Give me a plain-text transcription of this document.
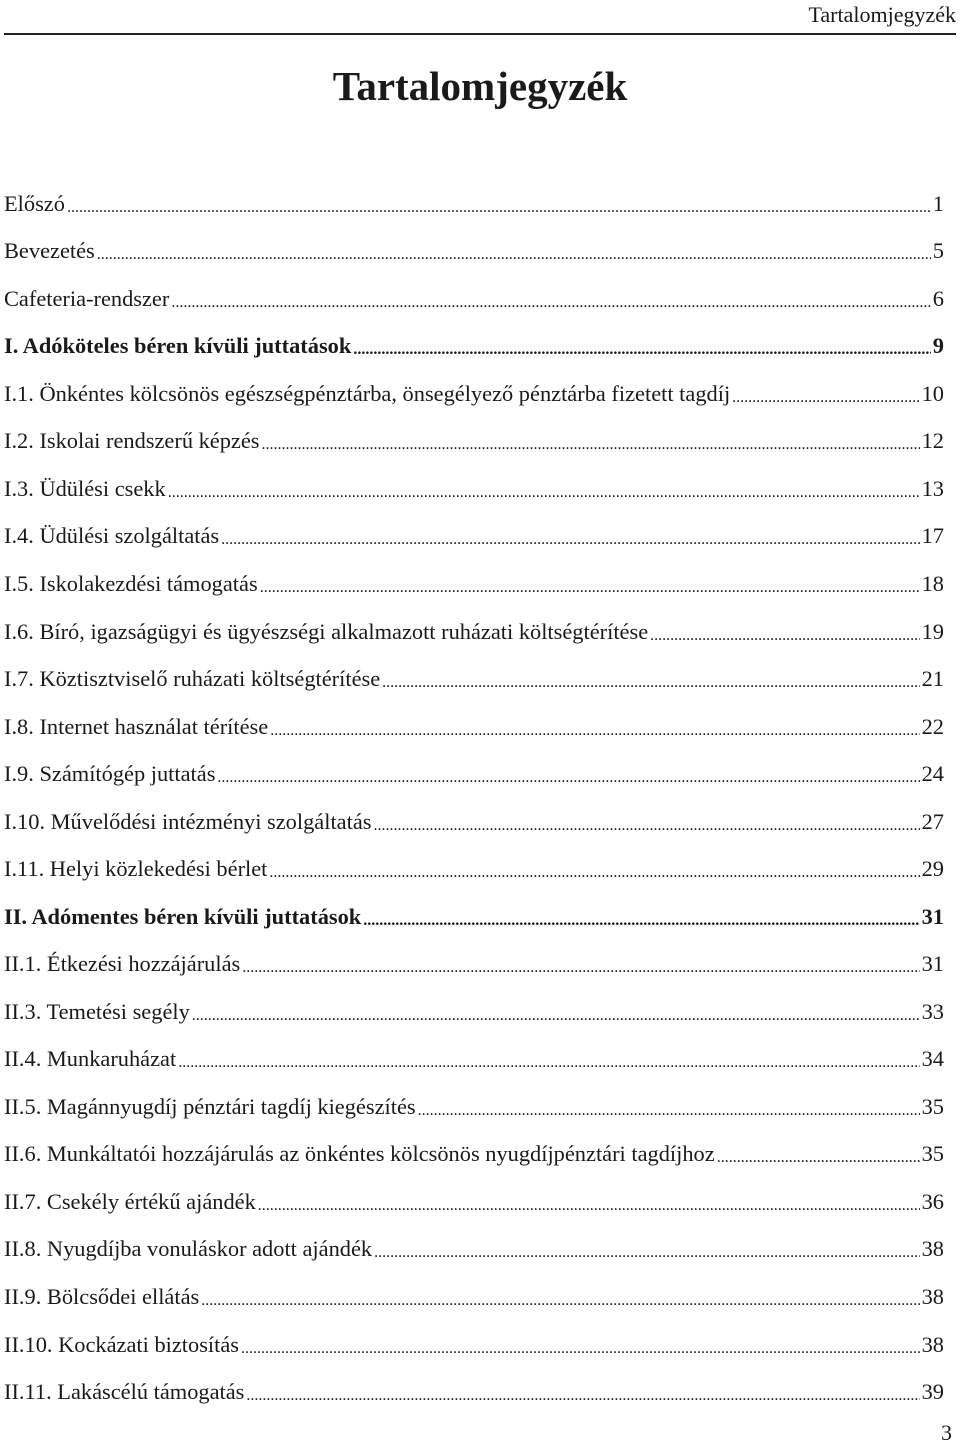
Tartalomjegyzék
Tartalomjegyzék
Előszó .....	1
Bevezetés .....	5
Cafeteria-rendszer .....	6
I. Adóköteles béren kívüli juttatások .....	9
I.1. Önkéntes kölcsönös egészségpénztárba, önsegélyező pénztárba fizetett tagdíj .....	10
I.2. Iskolai rendszerű képzés .....	12
I.3. Üdülési csekk .....	13
I.4. Üdülési szolgáltatás .....	17
I.5. Iskolakezdési támogatás .....	18
I.6. Bíró, igazságügyi és ügyészségi alkalmazott ruházati költségtérítése .....	19
I.7. Köztisztviselő ruházati költségtérítése .....	21
I.8. Internet használat térítése .....	22
I.9. Számítógép juttatás .....	24
I.10. Művelődési intézményi szolgáltatás .....	27
I.11. Helyi közlekedési bérlet .....	29
II. Adómentes béren kívüli juttatások .....	31
II.1. Étkezési hozzájárulás .....	31
II.3. Temetési segély .....	33
II.4. Munkaruházat .....	34
II.5. Magánnyugdíj pénztári tagdíj kiegészítés .....	35
II.6. Munkáltatói hozzájárulás az önkéntes kölcsönös nyugdíjpénztári tagdíjhoz .....	35
II.7. Csekély értékű ajándék .....	36
II.8. Nyugdíjba vonuláskor adott ajándék .....	38
II.9. Bölcsődei ellátás .....	38
II.10. Kockázati biztosítás .....	38
II.11. Lakáscélú támogatás .....	39
3
